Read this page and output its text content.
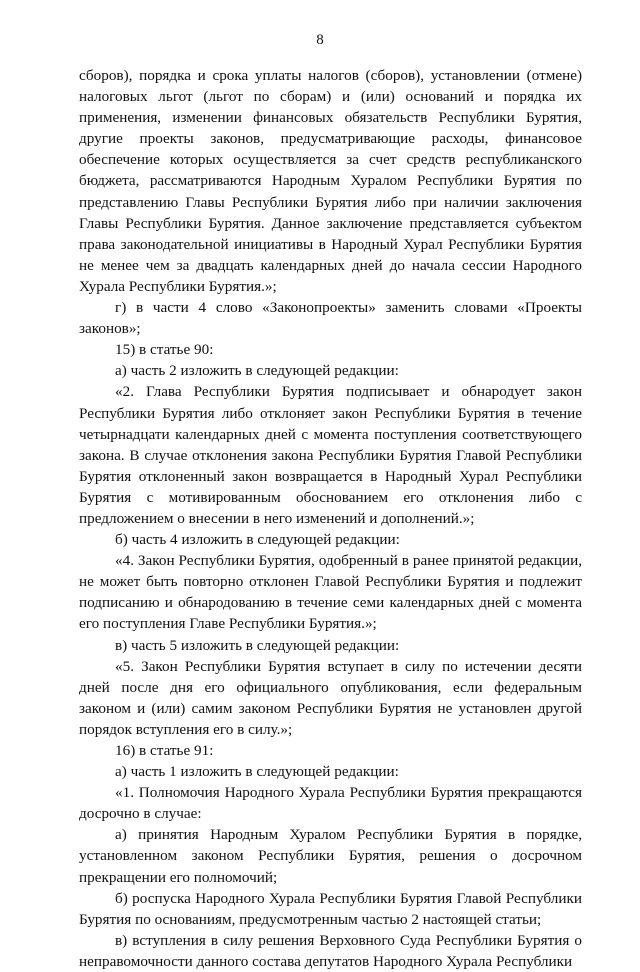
8

сборов), порядка и срока уплаты налогов (сборов), установлении (отмене) налоговых льгот (льгот по сборам) и (или) оснований и порядка их применения, изменении финансовых обязательств Республики Бурятия, другие проекты законов, предусматривающие расходы, финансовое обеспечение которых осуществляется за счет средств республиканского бюджета, рассматриваются Народным Хуралом Республики Бурятия по представлению Главы Республики Бурятия либо при наличии заключения Главы Республики Бурятия. Данное заключение представляется субъектом права законодательной инициативы в Народный Хурал Республики Бурятия не менее чем за двадцать календарных дней до начала сессии Народного Хурала Республики Бурятия.»;

г) в части 4 слово «Законопроекты» заменить словами «Проекты законов»;

15) в статье 90:

а) часть 2 изложить в следующей редакции:

«2. Глава Республики Бурятия подписывает и обнародует закон Республики Бурятия либо отклоняет закон Республики Бурятия в течение четырнадцати календарных дней с момента поступления соответствующего закона. В случае отклонения закона Республики Бурятия Главой Республики Бурятия отклоненный закон возвращается в Народный Хурал Республики Бурятия с мотивированным обоснованием его отклонения либо с предложением о внесении в него изменений и дополнений.»;

б) часть 4 изложить в следующей редакции:

«4. Закон Республики Бурятия, одобренный в ранее принятой редакции, не может быть повторно отклонен Главой Республики Бурятия и подлежит подписанию и обнародованию в течение семи календарных дней с момента его поступления Главе Республики Бурятия.»;

в) часть 5 изложить в следующей редакции:

«5. Закон Республики Бурятия вступает в силу по истечении десяти дней после дня его официального опубликования, если федеральным законом и (или) самим законом Республики Бурятия не установлен другой порядок вступления его в силу.»;

16) в статье 91:

а) часть 1 изложить в следующей редакции:

«1. Полномочия Народного Хурала Республики Бурятия прекращаются досрочно в случае:

а) принятия Народным Хуралом Республики Бурятия в порядке, установленном законом Республики Бурятия, решения о досрочном прекращении его полномочий;

б) роспуска Народного Хурала Республики Бурятия Главой Республики Бурятия по основаниям, предусмотренным частью 2 настоящей статьи;

в) вступления в силу решения Верховного Суда Республики Бурятия о неправомочности данного состава депутатов Народного Хурала Республики
